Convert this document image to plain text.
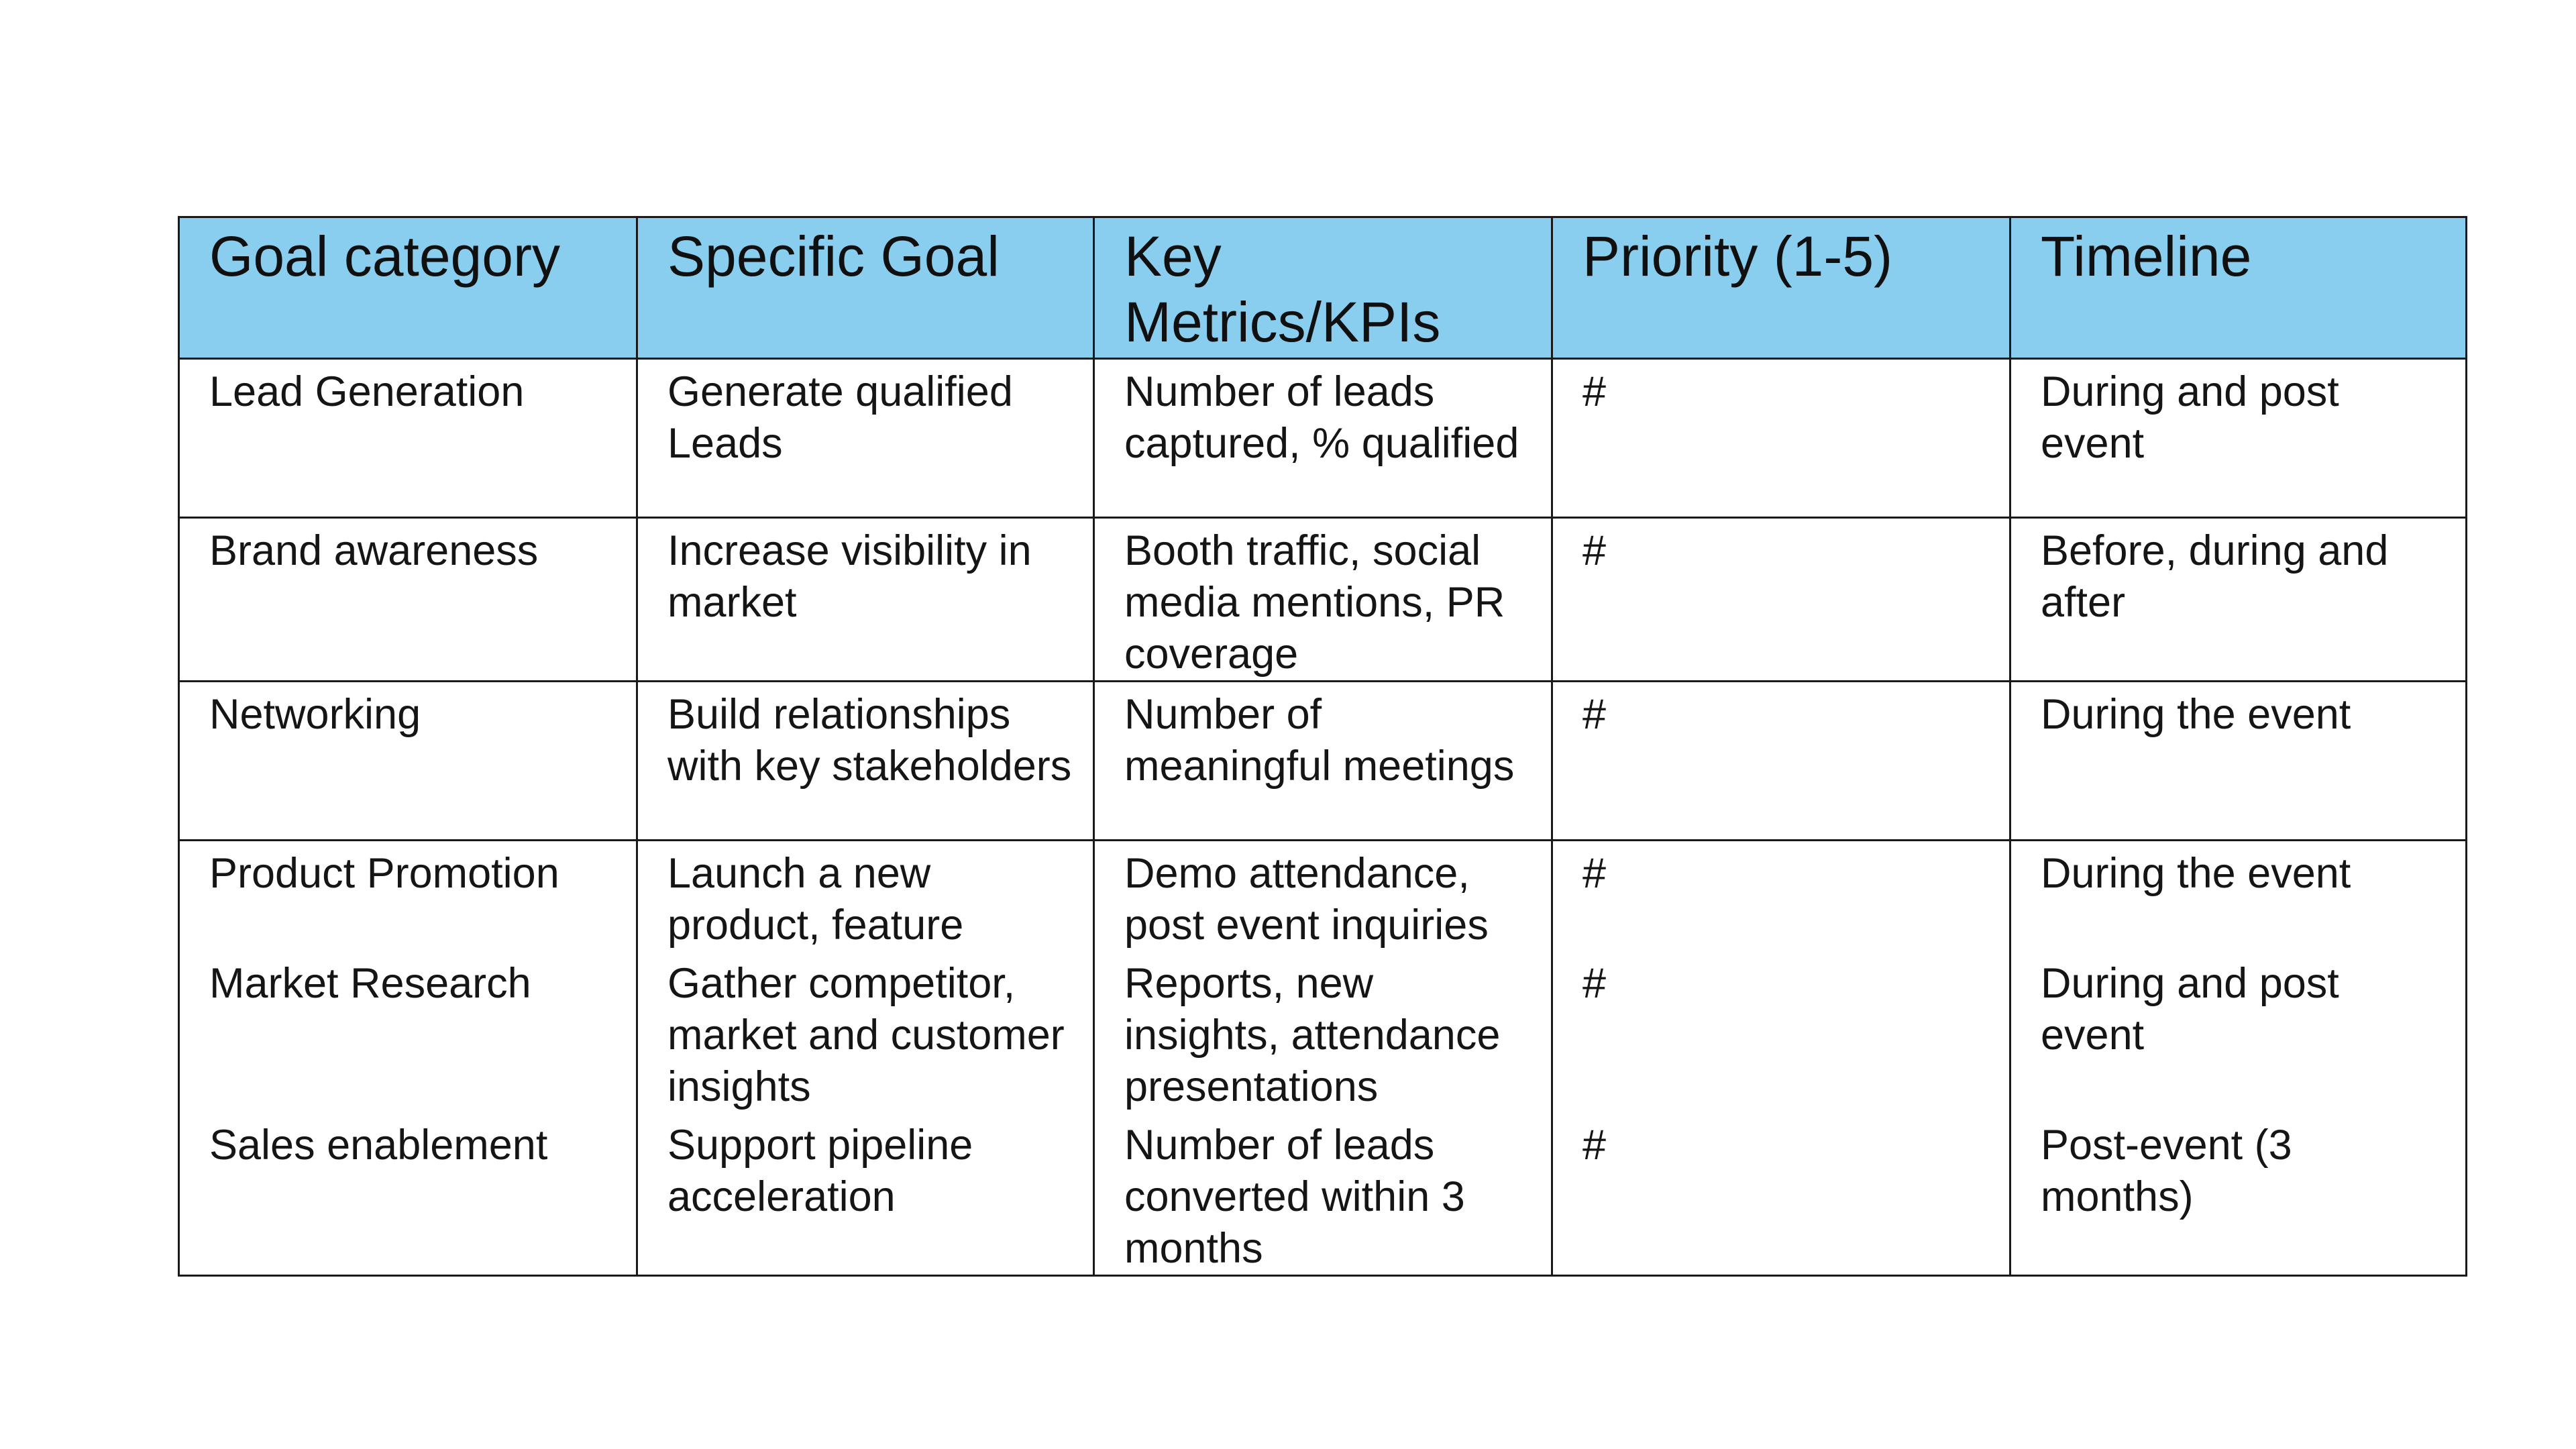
Goal category	Specific Goal	Key Metrics/KPIs	Priority (1-5)	Timeline
Lead Generation	Generate qualified Leads	Number of leads captured, % qualified	#	During and post event
Brand awareness	Increase visibility in market	Booth traffic, social media mentions, PR coverage	#	Before, during and after
Networking	Build relationships with key stakeholders	Number of meaningful meetings	#	During the event
Product Promotion	Launch a new product, feature	Demo attendance, post event inquiries	#	During the event
Market Research	Gather competitor, market and customer insights	Reports, new insights, attendance presentations	#	During and post event
Sales enablement	Support pipeline acceleration	Number of leads converted within 3 months	#	Post-event (3 months)
